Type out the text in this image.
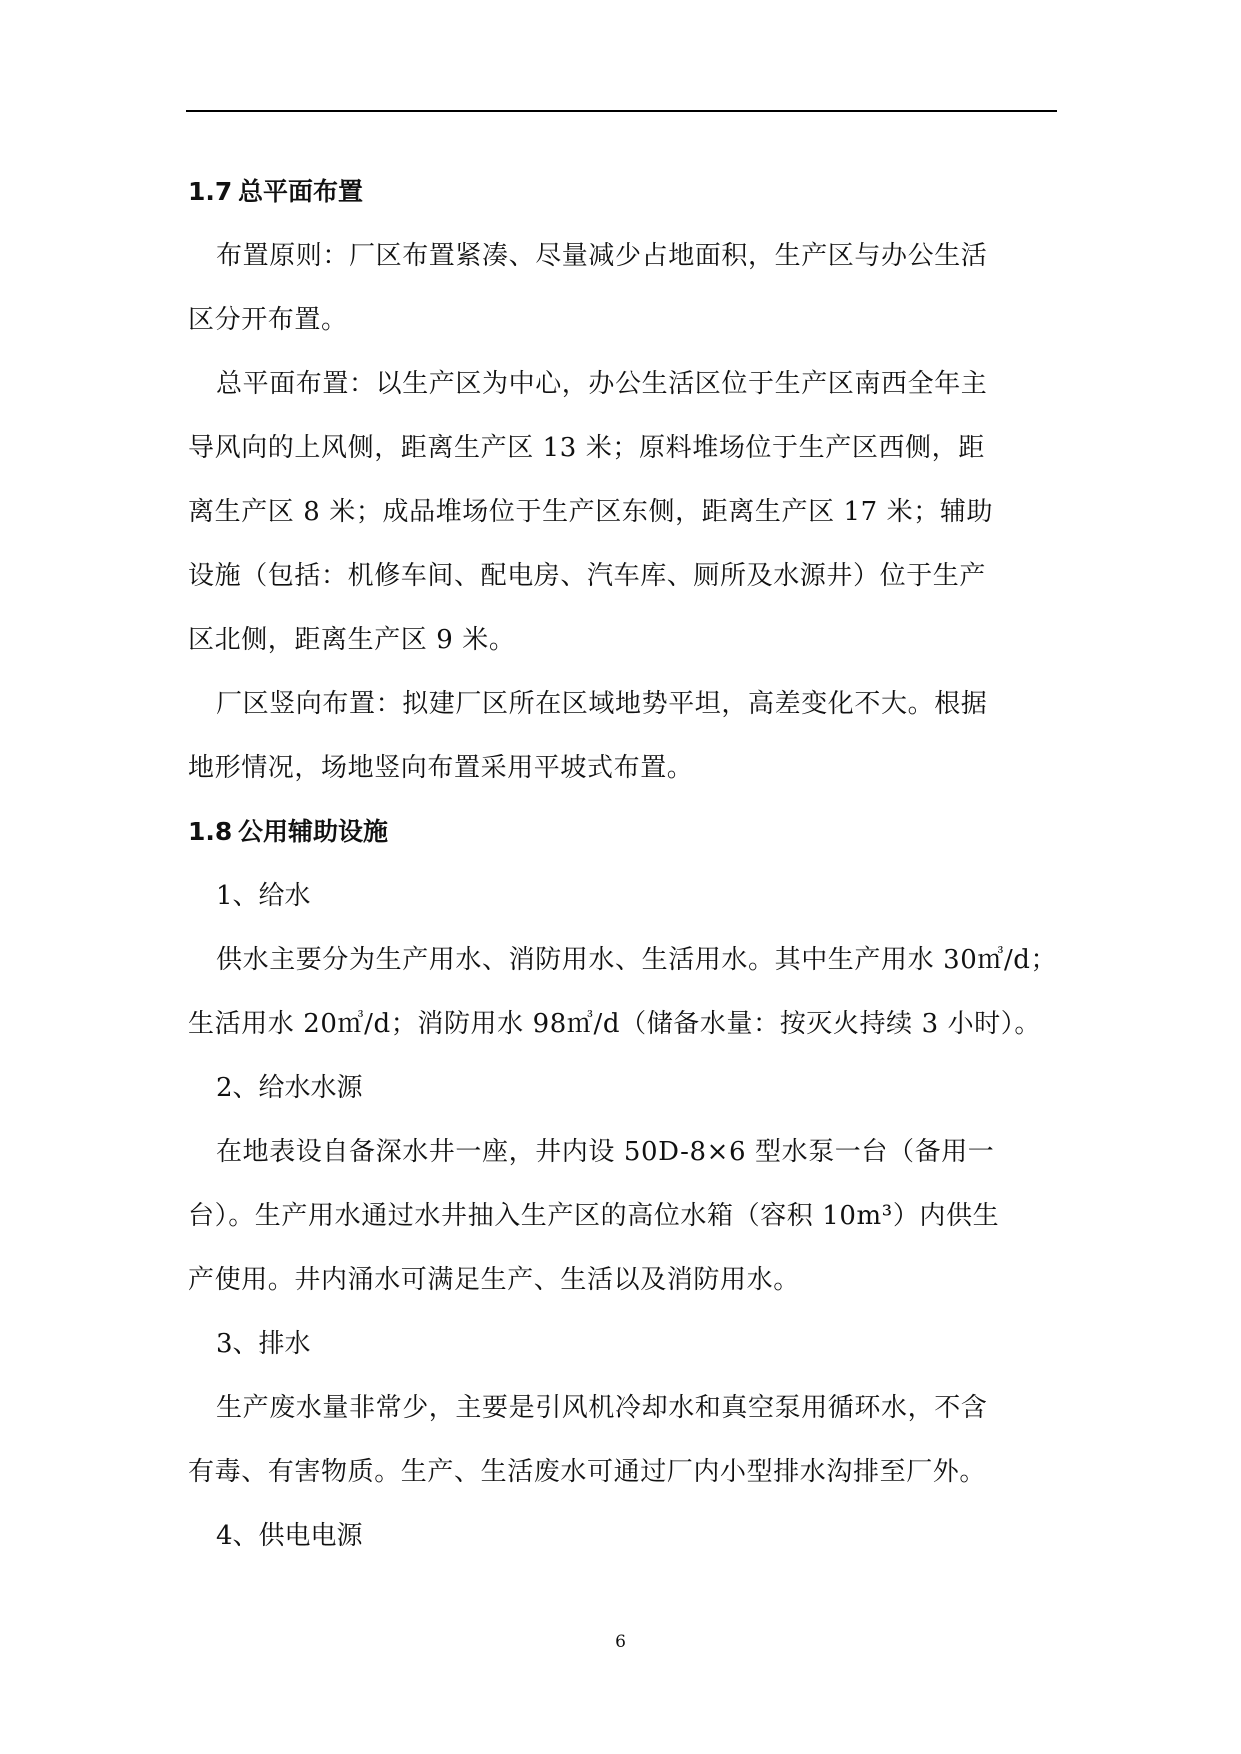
1.7 总平面布置

布置原则：厂区布置紧凑、尽量减少占地面积，生产区与办公生活
区分开布置。

总平面布置：以生产区为中心，办公生活区位于生产区南西全年主
导风向的上风侧，距离生产区 13 米；原料堆场位于生产区西侧，距
离生产区 8 米；成品堆场位于生产区东侧，距离生产区 17 米；辅助
设施（包括：机修车间、配电房、汽车库、厕所及水源井）位于生产
区北侧，距离生产区 9 米。

厂区竖向布置：拟建厂区所在区域地势平坦，高差变化不大。根据
地形情况，场地竖向布置采用平坡式布置。

1.8 公用辅助设施

1、给水

供水主要分为生产用水、消防用水、生活用水。其中生产用水 30㎥/d；
生活用水 20㎥/d；消防用水 98㎥/d（储备水量：按灭火持续 3 小时）。

2、给水水源

在地表设自备深水井一座，井内设 50D-8×6 型水泵一台（备用一
台）。生产用水通过水井抽入生产区的高位水箱（容积 10m³）内供生
产使用。井内涌水可满足生产、生活以及消防用水。

3、排水

生产废水量非常少，主要是引风机冷却水和真空泵用循环水，不含
有毒、有害物质。生产、生活废水可通过厂内小型排水沟排至厂外。

4、供电电源

6
